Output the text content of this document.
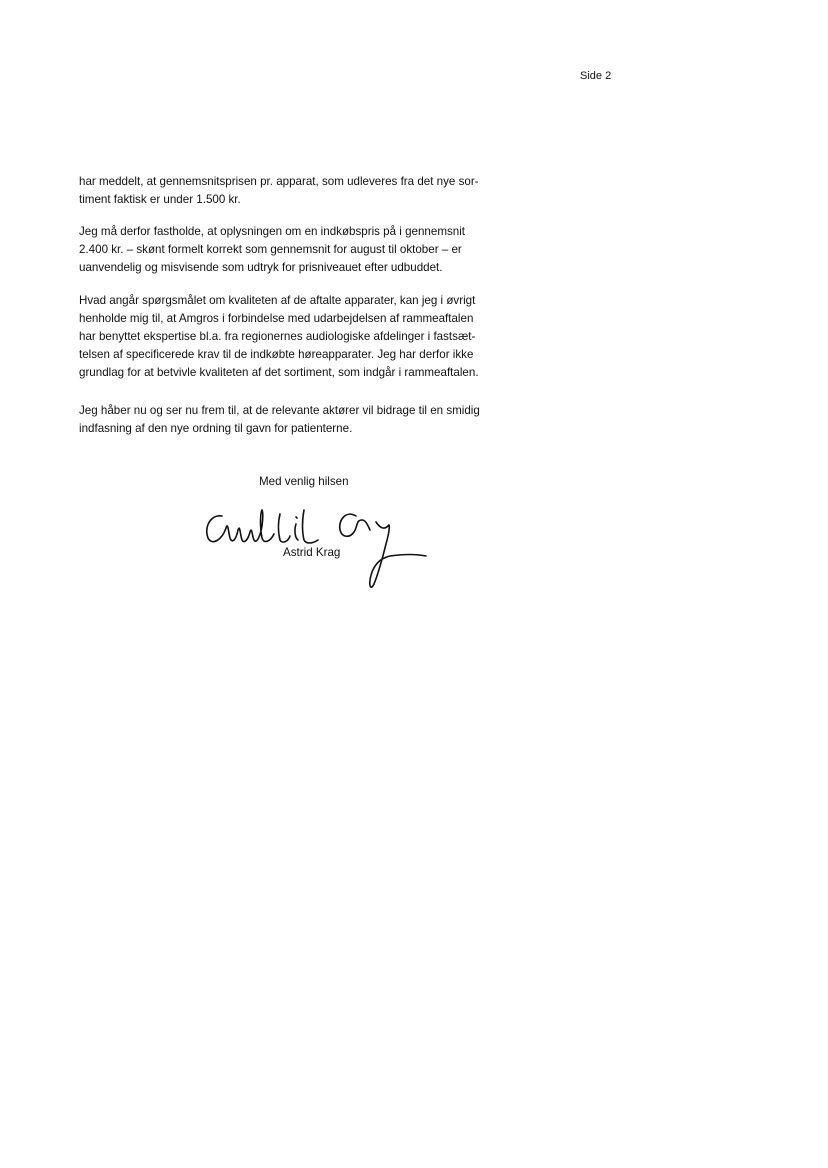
Side 2
har meddelt, at gennemsnitsprisen pr. apparat, som udleveres fra det nye sor-
timent faktisk er under 1.500 kr.
Jeg må derfor fastholde, at oplysningen om en indkøbspris på i gennemsnit
2.400 kr. – skønt formelt korrekt som gennemsnit for august til oktober – er
uanvendelig og misvisende som udtryk for prisniveauet efter udbuddet.
Hvad angår spørgsmålet om kvaliteten af de aftalte apparater, kan jeg i øvrigt
henholde mig til, at Amgros i forbindelse med udarbejdelsen af rammeaftalen
har benyttet ekspertise bl.a. fra regionernes audiologiske afdelinger i fastsæt-
telsen af specificerede krav til de indkøbte høreapparater. Jeg har derfor ikke
grundlag for at betvivle kvaliteten af det sortiment, som indgår i rammeaftalen.
Jeg håber nu og ser nu frem til, at de relevante aktører vil bidrage til en smidig
indfasning af den nye ordning til gavn for patienterne.
Med venlig hilsen
Astrid Krag
